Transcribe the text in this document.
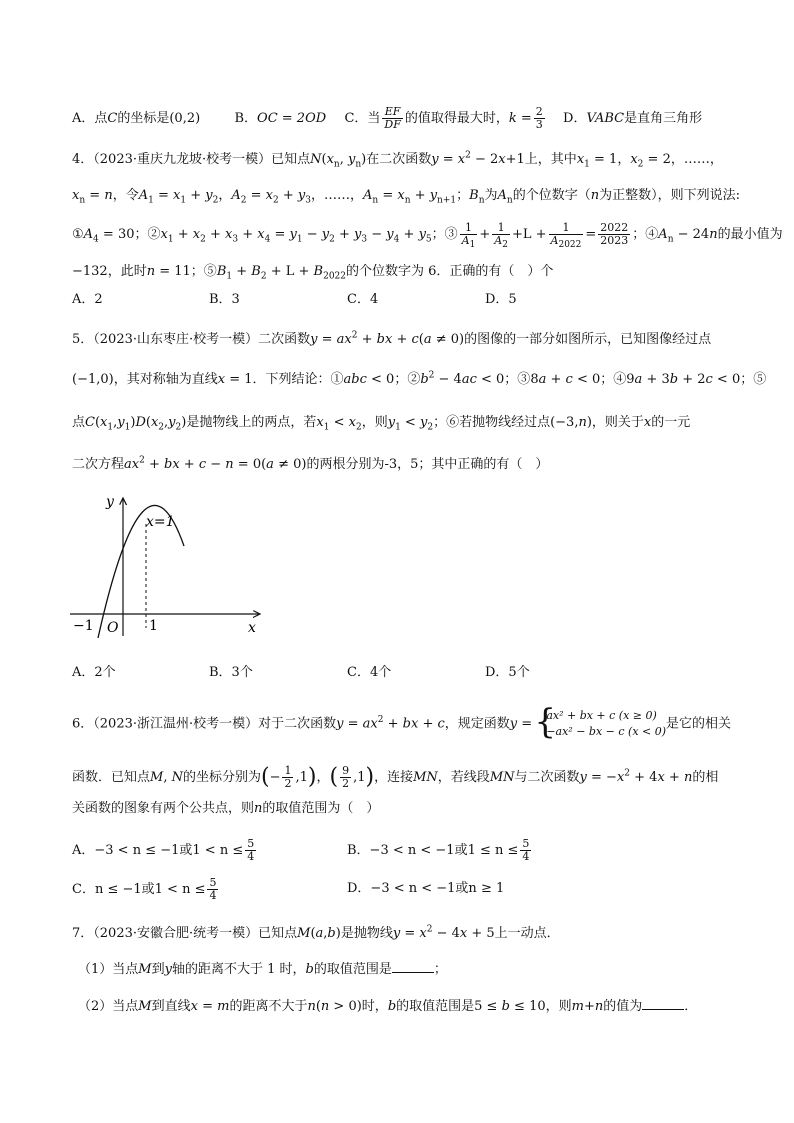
A．点C的坐标是(0,2)	B．OC = 2OD C．当 $\frac{EF}{DF}$ 的值取得最大时，$k = \frac{2}{3}$ D．VABC是直角三角形
4．（2023·重庆九龙坡·校考一模）已知点$N(x_n$, $y_n$)在二次函数$y = x^2 - 2x+1$上，其中$x_1 = 1$，$x_2 = 2$，……，
$x_n = n$，令$A_1 = x_1 + y_2$，$A_2 = x_2 + y_3$，……，$A_n = x_n + y_{n+1}$；$B_n$为$A_n$的个位数字（n为正整数），则下列说法:
$①A_4 = 30$；$②x_1 + x_2 + x_3 + x_4 = y_1 - y_2 + y_3 - y_4 + y_5$；③ $\frac{1}{A_1} + \frac{1}{A_2} +L + \frac{1}{A_{2022}} = \frac{2022}{2023}$ ；$④A_n - 24n$的最小值为
−132，此时n = 11；$⑤B_1 + B_2 + L + B_{2022}$的个位数字为 6．正确的有（　）个
A．2	B．3	C．4	D．5
5．（2023·山东枣庄·校考一模）二次函数$y = ax^2$ + bx + c(a ≠ 0)的图像的一部分如图所示，已知图像经过点
(−1,0)，其对称轴为直线x = 1．下列结论：①abc < 0；$②b^2 - 4ac < 0$；③8a + c < 0；④9a + 3b + 2c < 0；⑤
点$C(x_1,y_1)D(x_2,y_2)$是抛物线上的两点，若$x_1 < x_2$，则$y_1 < y_2$；⑥若抛物线经过点(−3,n)，则关于x的一元
二次方程$ax^2$ + bx + c − n = 0(a ≠ 0)的两根分别为-3，5；其中正确的有（　）
y
x
x=1
−1 O 1
A．2个	B．3个	C．4个	D．5个
6．（2023·浙江温州·校考一模）对于二次函数$y = ax^2$ + bx + c，规定函数y =
{ ax² + bx + c (x ≥ 0)
−ax² − bx − c (x < 0) 是它的相关
函数．已知点M, N的坐标分别为(− $\frac{1}{2} ,1$)，( $\frac{9}{2} ,1$)，连接MN，若线段MN与二次函数$y = -x^2 + 4x + n$的相
关函数的图象有两个公共点，则n的取值范围为（　）
A．−3 < n ≤ −1或$1 < n \le \frac{5}{4}$	B．−3 < n < −1或$1 \le n \le \frac{5}{4}$
C．n ≤ −1或$1 < n \le \frac{5}{4}$	D．−3 < n < −1或n ≥ 1
7．（2023·安徽合肥·统考一模）已知点M(a,b)是抛物线$y = x^2 - 4x + 5$上一动点．
（1）当点M到y轴的距离不大于 1 时，b的取值范围是	；
（2）当点M到直线x = m的距离不大于n(n > 0)时，b的取值范围是5 ≤ b ≤ 10，则m+n的值为	．
